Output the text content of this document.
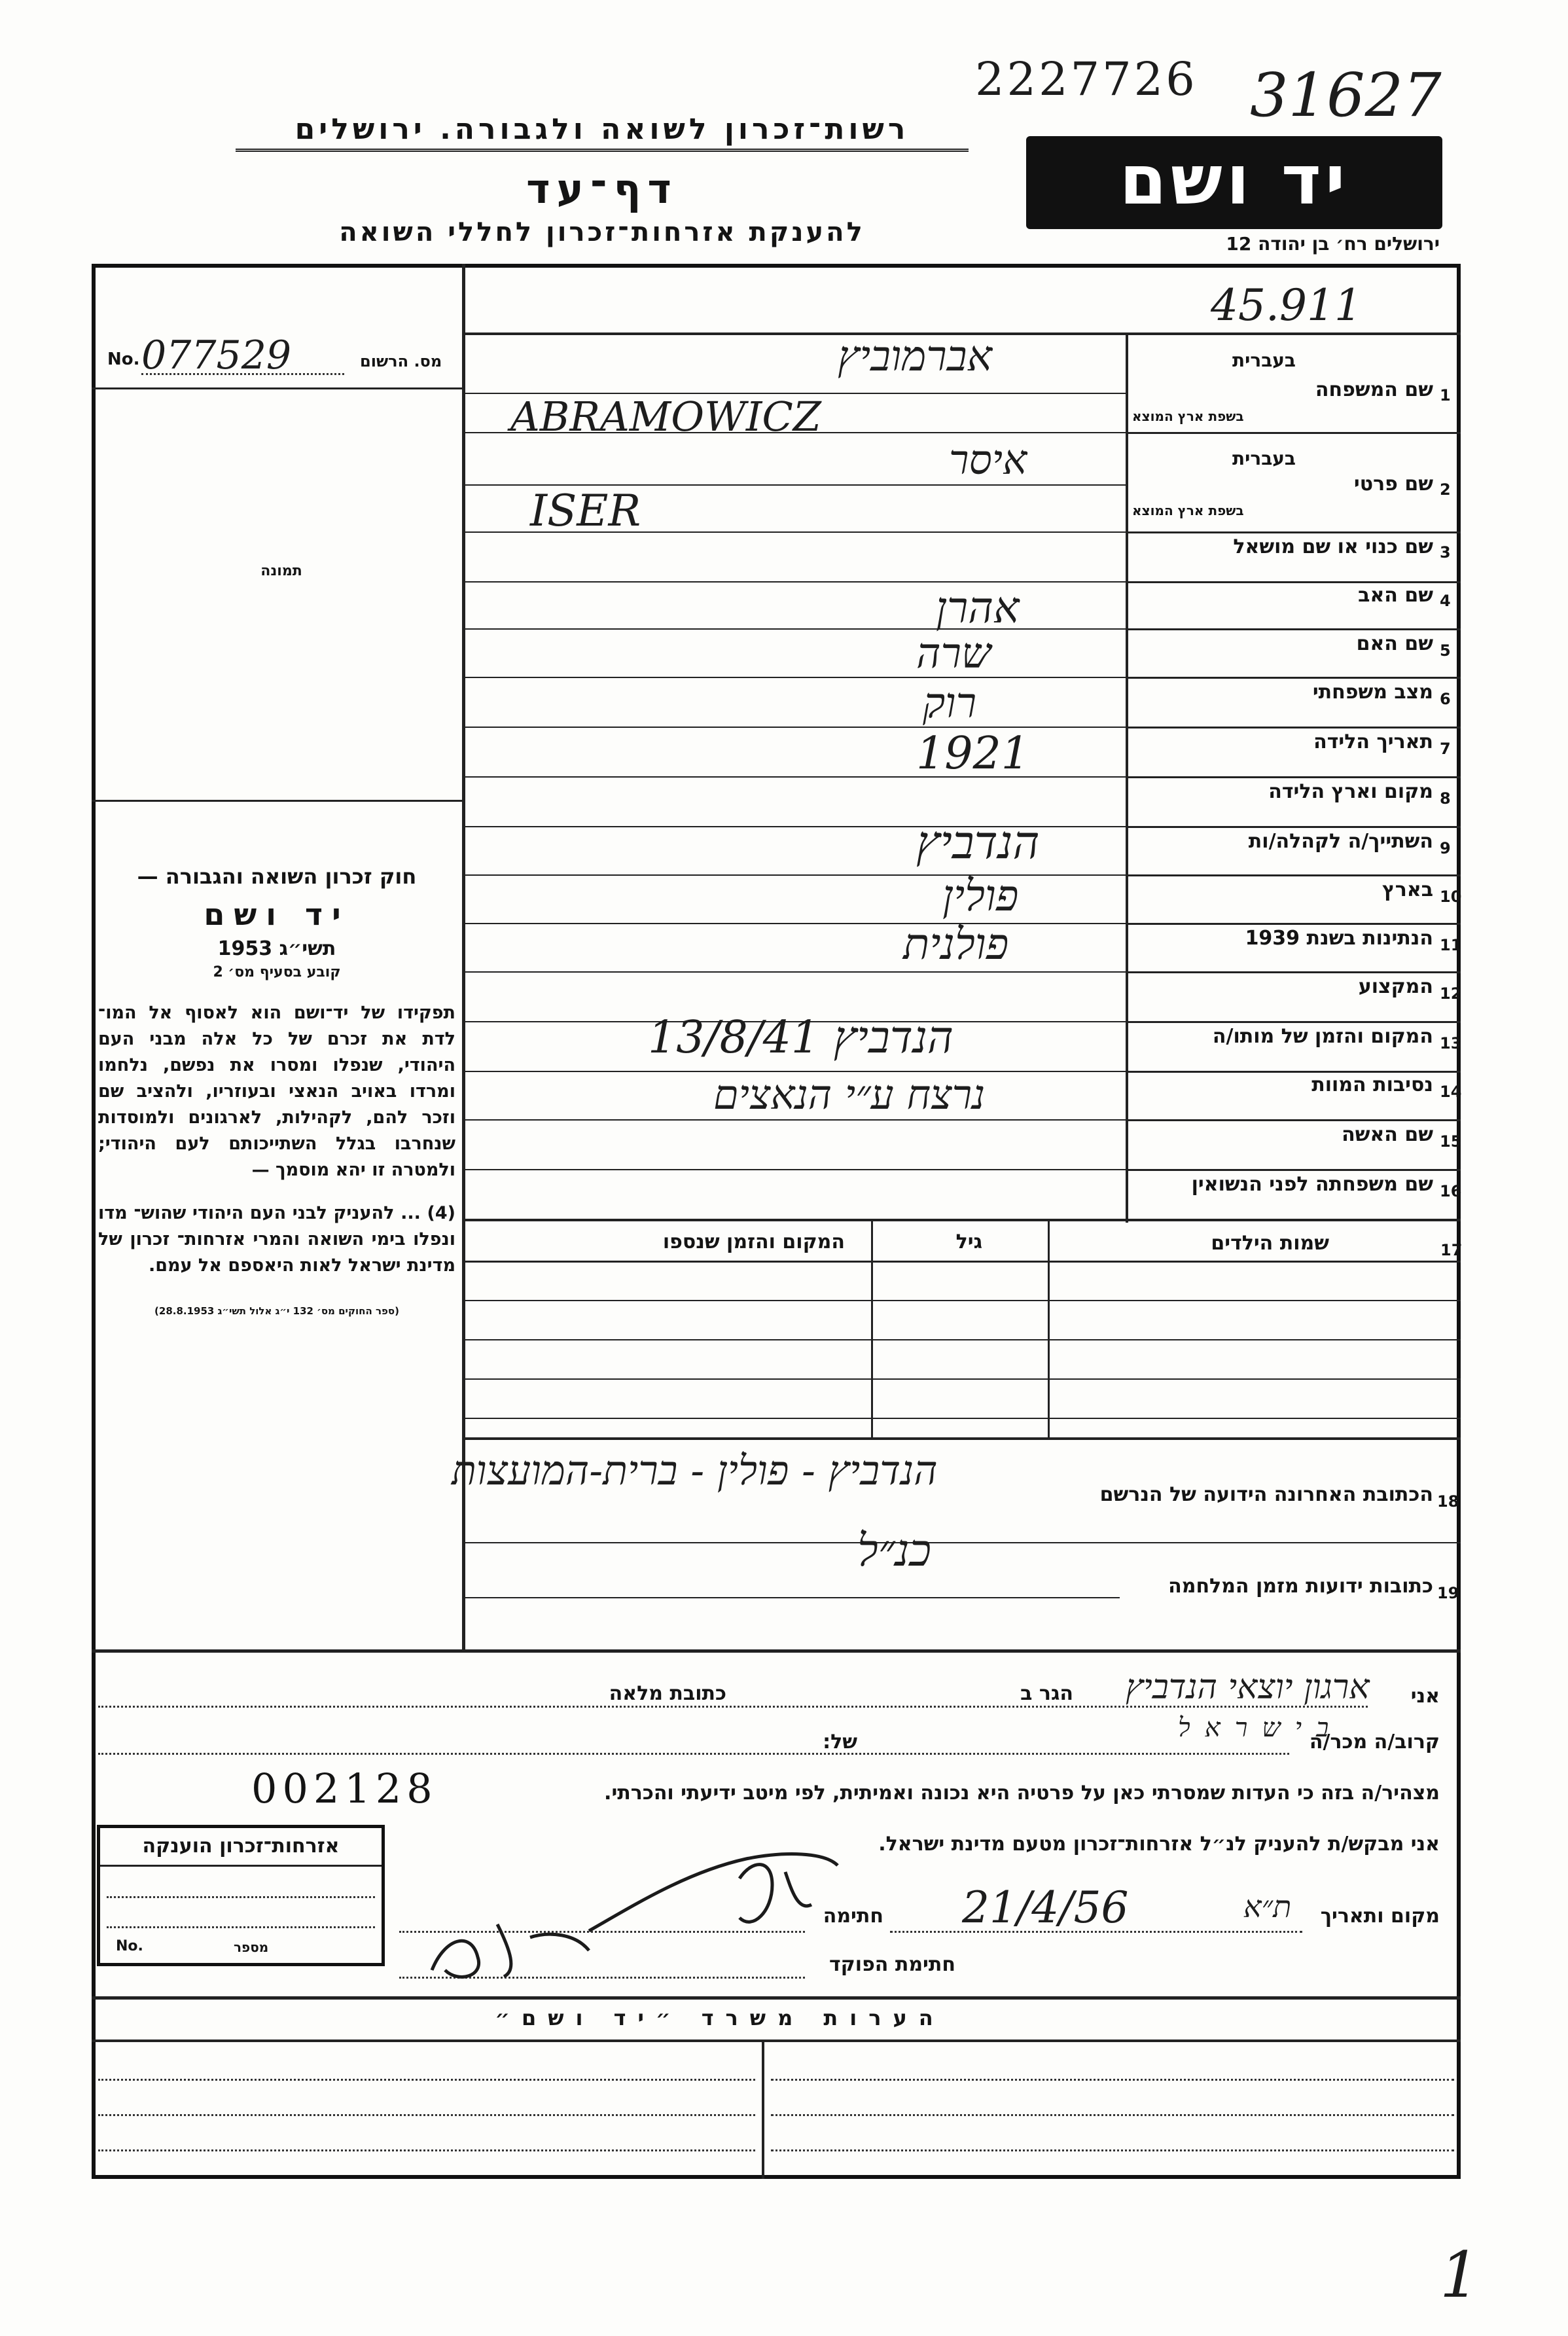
2227726 31627
רשות־זכרון לשואה ולגבורה. ירושלים
דף־עד
להענקת אזרחות־זכרון לחללי השואה
יד ושם
ירושלים רח׳ בן יהודה 12
45.911
No. 077529	מס. הרשום
תמונה
חוק זכרון השואה והגבורה —
יד ושם
תשי״ג 1953
קובע בסעיף מס׳ 2
תפקידו של יד־ושם הוא לאסוף אל המו־ לדת את זכרם של כל אלה מבני העם היהודי, שנפלו ומסרו את נפשם, נלחמו ומרדו באויב הנאצי ובעוזריו, ולהציב שם וזכר להם, לקהילות, לארגונים ולמוסדות שנחרבו בגלל השתייכותם לעם היהודי; ולמטרה זו יהא מוסמך —
(4) ... להעניק לבני העם היהודי שהוש־ מדו ונפלו בימי השואה והמרי אזרחות־ זכרון של מדינת ישראל לאות היאספם אל עמם.
(ספר החוקים מס׳ 132 י״ג אלול תשי״ג 28.8.1953)
1
שם המשפחה
בעברית
בשפת ארץ המוצא
אברמוביץ
ABRAMOWICZ
2
שם פרטי
בעברית
בשפת ארץ המוצא
איסר
ISER
3
שם כנוי או שם מושאל
4
שם האב
אהרן
5
שם האם
שרה
6
מצב משפחתי
רוק
7
תאריך הלידה
1921
8
מקום וארץ הלידה
9
השתייך/ה לקהלה/ות
הנדביץ
10
בארץ
פולין
11
הנתינות בשנת 1939
פולנית
12
המקצוע
13
המקום והזמן של מותו/ה
הנדביץ 13/8/41
14
נסיבות המוות
נרצח ע״י הנאצים
15
שם האשה
16
שם משפחתה לפני הנשואין
17
שמות הילדים
גיל
המקום והזמן שנספו
18
הכתובת האחרונה הידועה של הנרשם
הנדביץ - פולין - ברית-המועצות
19
כתובות ידועות מזמן המלחמה
כנ״ל
אני
ארגון יוצאי הנדביץ
הגר ב
כתובת מלאה
קרוב/ה מכר/ה
בישראל
של:
002128	מצהיר/ה בזה כי העדות שמסרתי כאן על פרטיה היא נכונה ואמיתית, לפי מיטב ידיעתי והכרתי.
אני מבקש/ת להעניק לנ״ל אזרחות־זכרון מטעם מדינת ישראל.
מקום ותאריך
ת״א
21/4/56
חתימה
חתימת הפוקד
אזרחות־זכרון הוענקה
No.	מספר
הערות משרד ״יד ושם״
1
